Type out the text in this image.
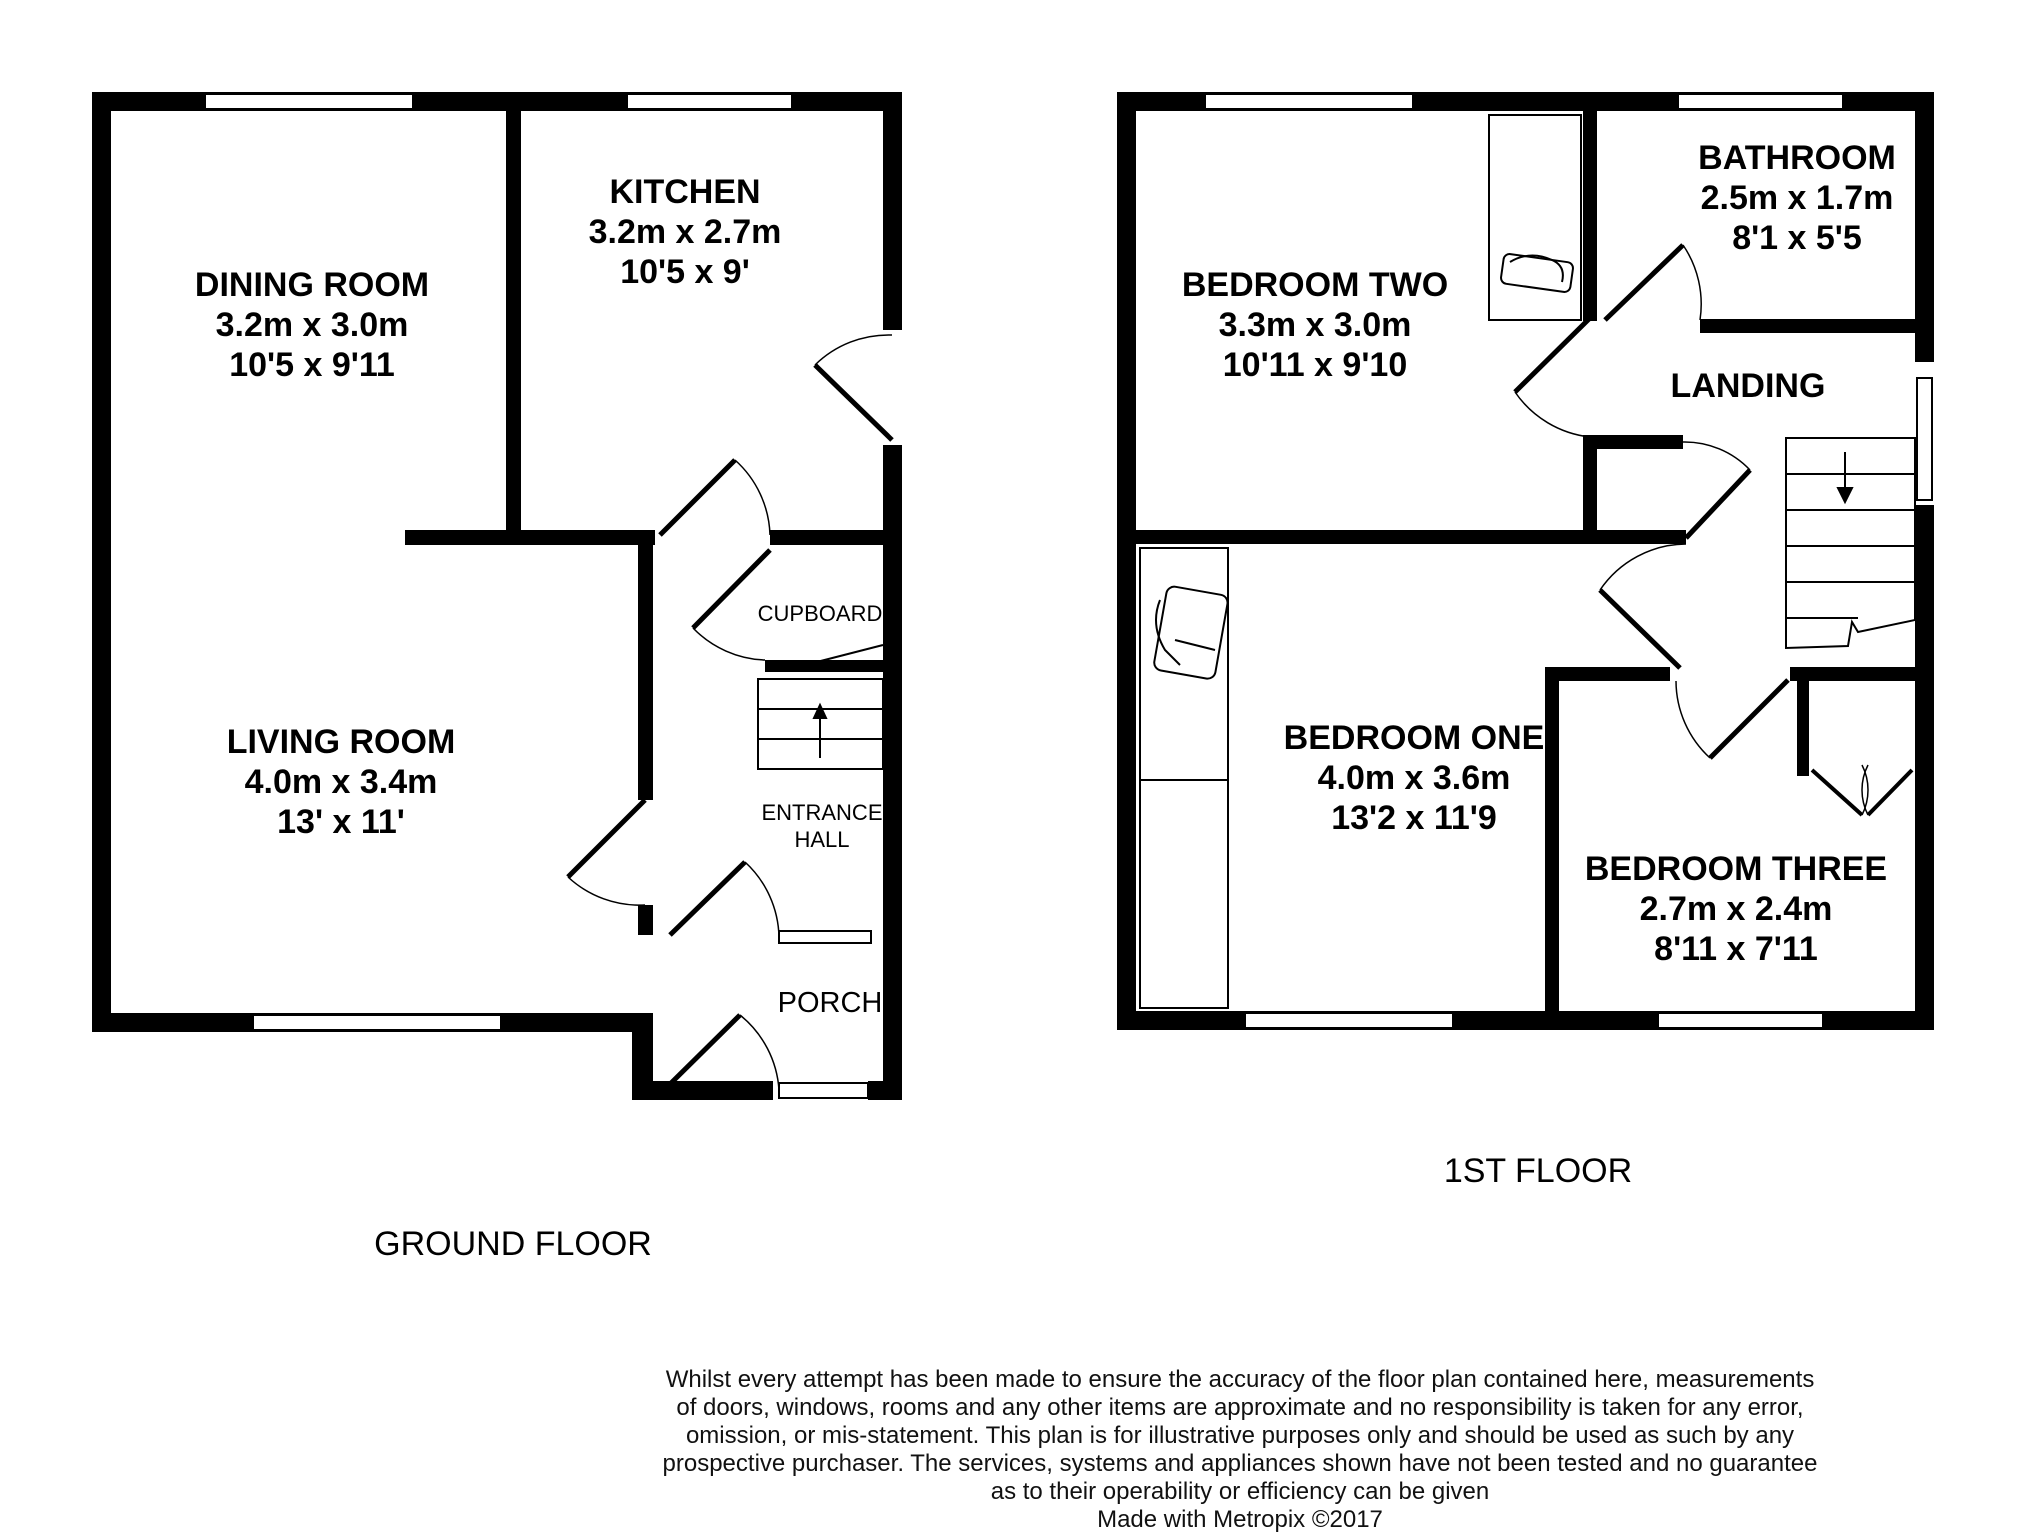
DINING ROOM
3.2m x 3.0m
10'5 x 9'11
KITCHEN
3.2m x 2.7m
10'5 x 9'
LIVING ROOM
4.0m x 3.4m
13' x 11'
CUPBOARD
ENTRANCE
HALL
PORCH
GROUND FLOOR
BEDROOM TWO
3.3m x 3.0m
10'11 x 9'10
BATHROOM
2.5m x 1.7m
8'1 x 5'5
LANDING
BEDROOM ONE
4.0m x 3.6m
13'2 x 11'9
BEDROOM THREE
2.7m x 2.4m
8'11 x 7'11
1ST FLOOR
Whilst every attempt has been made to ensure the accuracy of the floor plan contained here, measurements
of doors, windows, rooms and any other items are approximate and no responsibility is taken for any error,
omission, or mis-statement. This plan is for illustrative purposes only and should be used as such by any
prospective purchaser. The services, systems and appliances shown have not been tested and no guarantee
as to their operability or efficiency can be given
Made with Metropix ©2017
